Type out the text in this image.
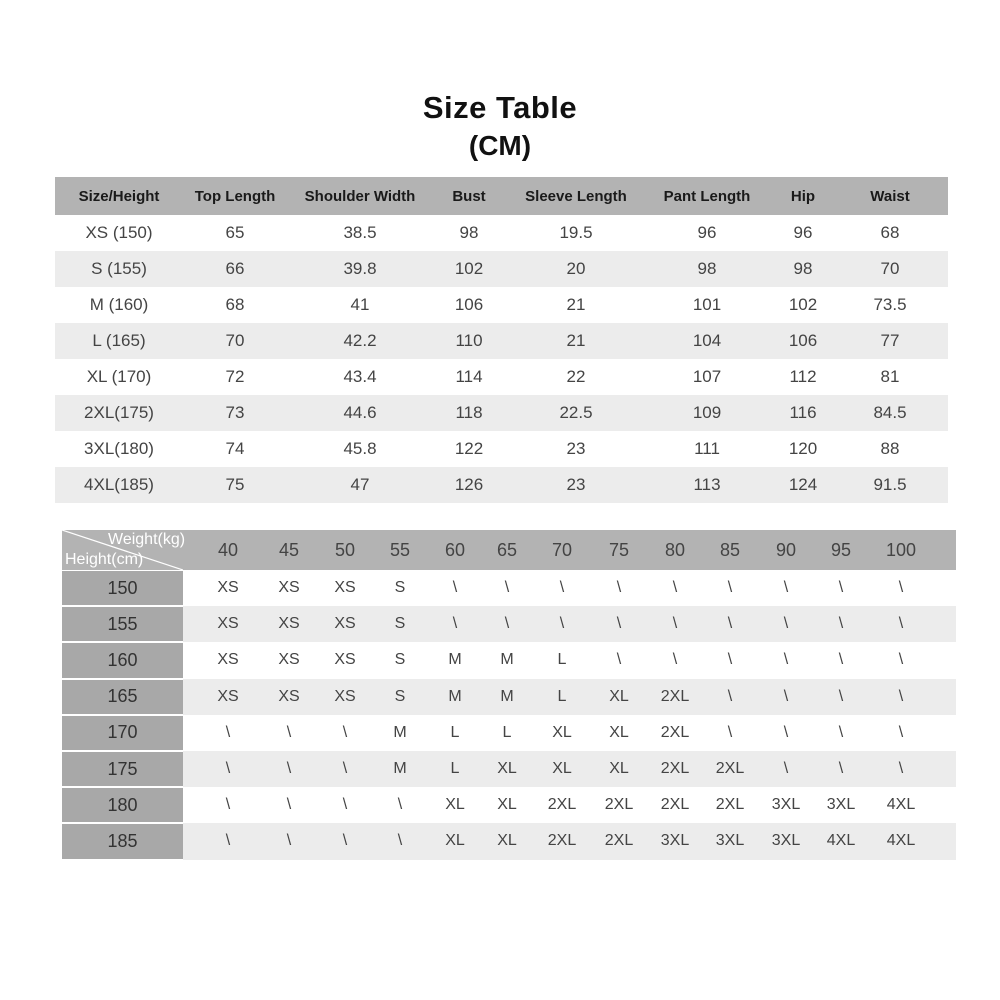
Size Table
(CM)
Size/Height	Top Length	Shoulder Width	Bust	Sleeve Length	Pant Length	Hip	Waist
XS (150)	65	38.5	98	19.5	96	96	68
S (155)	66	39.8	102	20	98	98	70
M (160)	68	41	106	21	101	102	73.5
L (165)	70	42.2	110	21	104	106	77
XL (170)	72	43.4	114	22	107	112	81
2XL(175)	73	44.6	118	22.5	109	116	84.5
3XL(180)	74	45.8	122	23	111	120	88
4XL(185)	75	47	126	23	113	124	91.5
Weight(kg)
Height(cm)	40	45	50	55	60	65	70	75	80	85	90	95	100
150	XS	XS	XS	S	\	\	\	\	\	\	\	\	\
155	XS	XS	XS	S	\	\	\	\	\	\	\	\	\
160	XS	XS	XS	S	M	M	L	\	\	\	\	\	\
165	XS	XS	XS	S	M	M	L	XL	2XL	\	\	\	\
170	\	\	\	M	L	L	XL	XL	2XL	\	\	\	\
175	\	\	\	M	L	XL	XL	XL	2XL	2XL	\	\	\
180	\	\	\	\	XL	XL	2XL	2XL	2XL	2XL	3XL	3XL	4XL
185	\	\	\	\	XL	XL	2XL	2XL	3XL	3XL	3XL	4XL	4XL
